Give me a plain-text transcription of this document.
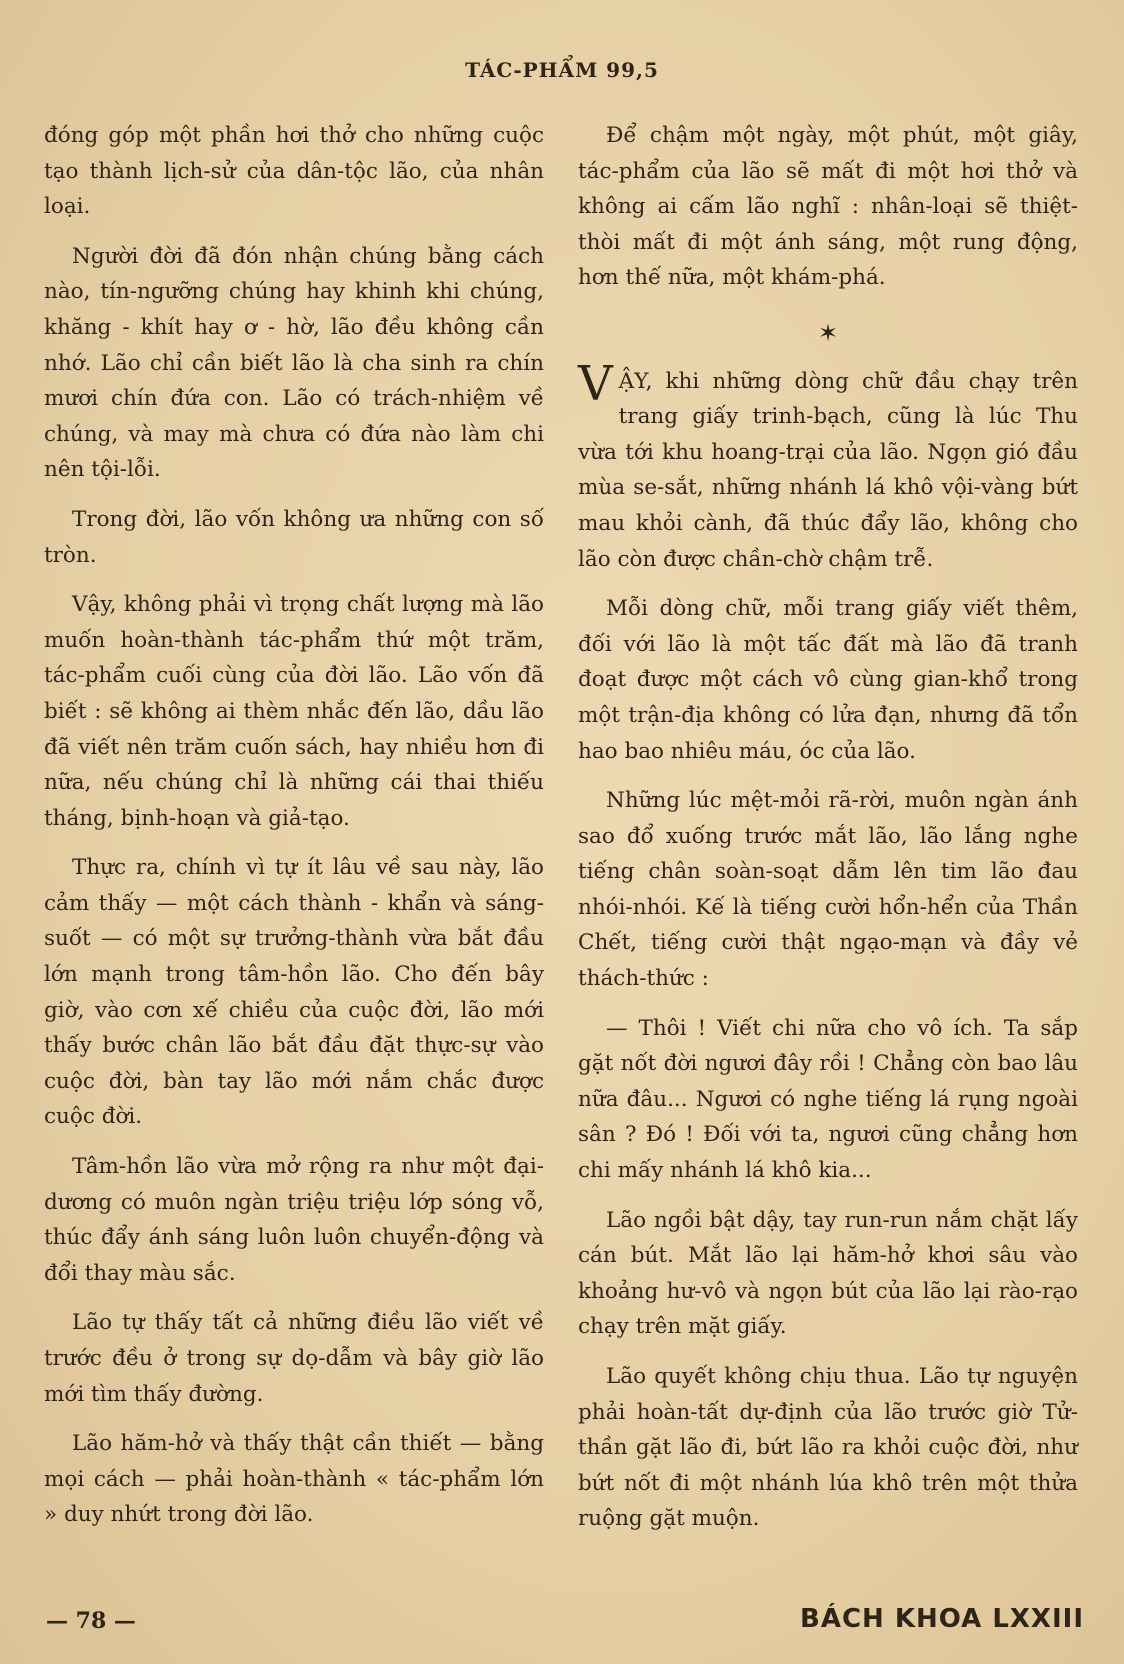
TÁC-PHẨM 99,5

đóng góp một phần hơi thở cho những cuộc tạo thành lịch-sử của dân-tộc lão, của nhân loại.

Người đời đã đón nhận chúng bằng cách nào, tín-ngưỡng chúng hay khinh khi chúng, khăng - khít hay ơ - hờ, lão đều không cần nhớ. Lão chỉ cần biết lão là cha sinh ra chín mươi chín đứa con. Lão có trách-nhiệm về chúng, và may mà chưa có đứa nào làm chi nên tội-lỗi.

Trong đời, lão vốn không ưa những con số tròn.

Vậy, không phải vì trọng chất lượng mà lão muốn hoàn-thành tác-phẩm thứ một trăm, tác-phẩm cuối cùng của đời lão. Lão vốn đã biết : sẽ không ai thèm nhắc đến lão, dầu lão đã viết nên trăm cuốn sách, hay nhiều hơn đi nữa, nếu chúng chỉ là những cái thai thiếu tháng, bịnh-hoạn và giả-tạo.

Thực ra, chính vì tự ít lâu về sau này, lão cảm thấy — một cách thành - khẩn và sáng-suốt — có một sự trưởng-thành vừa bắt đầu lớn mạnh trong tâm-hồn lão. Cho đến bây giờ, vào cơn xế chiều của cuộc đời, lão mới thấy bước chân lão bắt đầu đặt thực-sự vào cuộc đời, bàn tay lão mới nắm chắc được cuộc đời.

Tâm-hồn lão vừa mở rộng ra như một đại-dương có muôn ngàn triệu triệu lớp sóng vỗ, thúc đẩy ánh sáng luôn luôn chuyển-động và đổi thay màu sắc.

Lão tự thấy tất cả những điều lão viết về trước đều ở trong sự dọ-dẫm và bây giờ lão mới tìm thấy đường.

Lão hăm-hở và thấy thật cần thiết — bằng mọi cách — phải hoàn-thành « tác-phẩm lớn » duy nhứt trong đời lão.

Để chậm một ngày, một phút, một giây, tác-phẩm của lão sẽ mất đi một hơi thở và không ai cấm lão nghĩ : nhân-loại sẽ thiệt-thòi mất đi một ánh sáng, một rung động, hơn thế nữa, một khám-phá.

✶

VẬY, khi những dòng chữ đầu chạy trên trang giấy trinh-bạch, cũng là lúc Thu vừa tới khu hoang-trại của lão. Ngọn gió đầu mùa se-sắt, những nhánh lá khô vội-vàng bứt mau khỏi cành, đã thúc đẩy lão, không cho lão còn được chần-chờ chậm trễ.

Mỗi dòng chữ, mỗi trang giấy viết thêm, đối với lão là một tấc đất mà lão đã tranh đoạt được một cách vô cùng gian-khổ trong một trận-địa không có lửa đạn, nhưng đã tổn hao bao nhiêu máu, óc của lão.

Những lúc mệt-mỏi rã-rời, muôn ngàn ánh sao đổ xuống trước mắt lão, lão lắng nghe tiếng chân soàn-soạt dẫm lên tim lão đau nhói-nhói. Kế là tiếng cười hổn-hển của Thần Chết, tiếng cười thật ngạo-mạn và đầy vẻ thách-thức :

— Thôi ! Viết chi nữa cho vô ích. Ta sắp gặt nốt đời ngươi đây rồi ! Chẳng còn bao lâu nữa đâu... Ngươi có nghe tiếng lá rụng ngoài sân ? Đó ! Đối với ta, ngươi cũng chẳng hơn chi mấy nhánh lá khô kia...

Lão ngồi bật dậy, tay run-run nắm chặt lấy cán bút. Mắt lão lại hăm-hở khơi sâu vào khoảng hư-vô và ngọn bút của lão lại rào-rạo chạy trên mặt giấy.

Lão quyết không chịu thua. Lão tự nguyện phải hoàn-tất dự-định của lão trước giờ Tử-thần gặt lão đi, bứt lão ra khỏi cuộc đời, như bứt nốt đi một nhánh lúa khô trên một thửa ruộng gặt muộn.

— 78 —	BÁCH KHOA LXXIII
